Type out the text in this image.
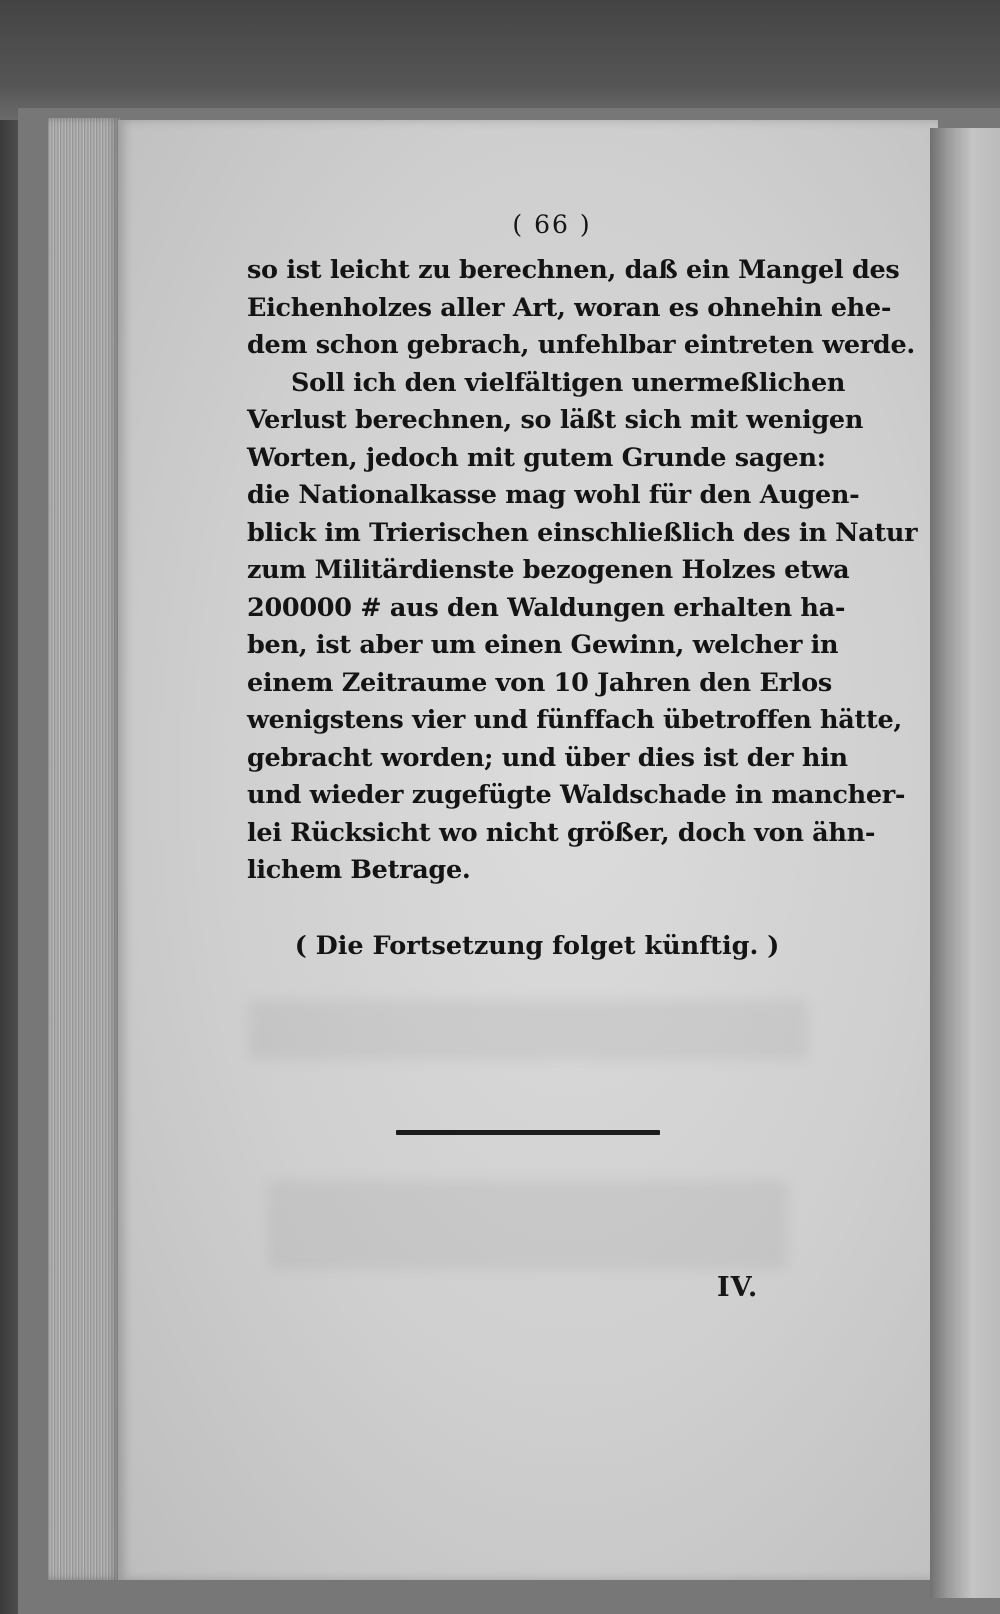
( 66 )
so ist leicht zu berechnen, daß ein Mangel des
Eichenholzes aller Art, woran es ohnehin ehe-
dem schon gebrach, unfehlbar eintreten werde.
Soll ich den vielfältigen unermeßlichen
Verlust berechnen, so läßt sich mit wenigen
Worten, jedoch mit gutem Grunde sagen:
die Nationalkasse mag wohl für den Augen-
blick im Trierischen einschließlich des in Natur
zum Militärdienste bezogenen Holzes etwa
200000 # aus den Waldungen erhalten ha-
ben, ist aber um einen Gewinn, welcher in
einem Zeitraume von 10 Jahren den Erlos
wenigstens vier und fünffach übetroffen hätte,
gebracht worden; und über dies ist der hin
und wieder zugefügte Waldschade in mancher-
lei Rücksicht wo nicht größer, doch von ähn-
lichem Betrage.
( Die Fortsetzung folget künftig. )
IV.
